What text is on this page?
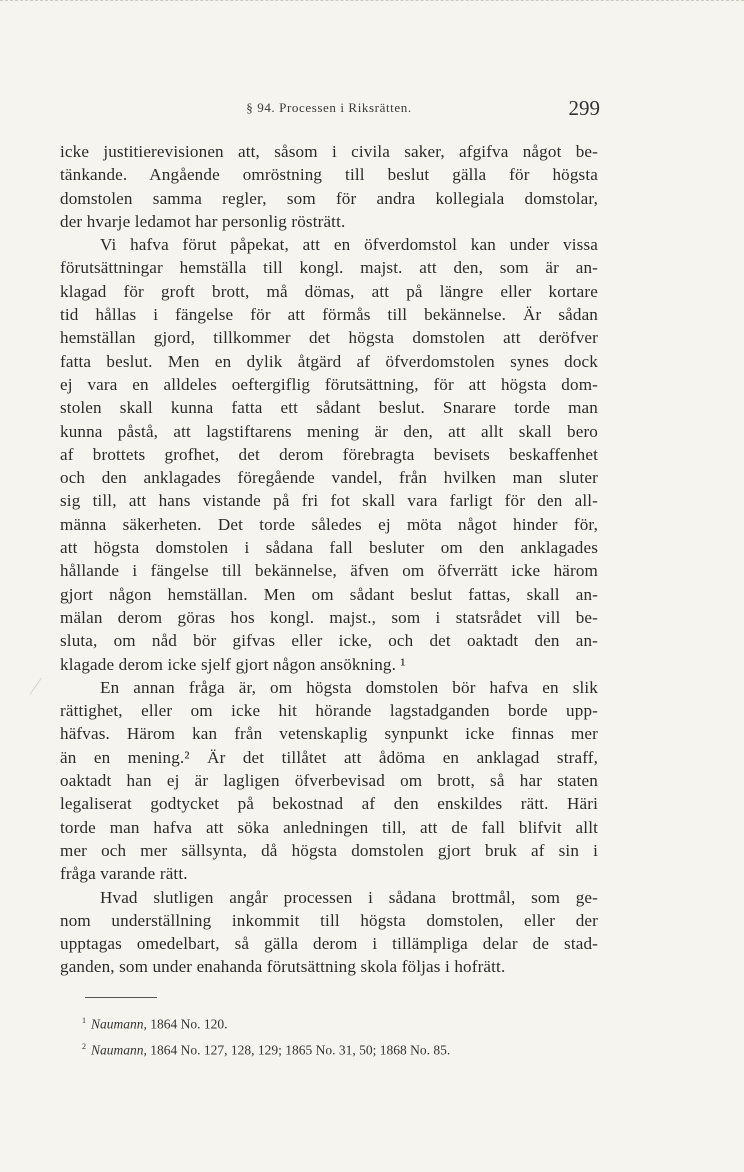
§ 94. Processen i Riksrätten.	299
icke justitierevisionen att, såsom i civila saker, afgifva något be-
tänkande. Angående omröstning till beslut gälla för högsta
domstolen samma regler, som för andra kollegiala domstolar,
der hvarje ledamot har personlig rösträtt.
Vi hafva förut påpekat, att en öfverdomstol kan under vissa
förutsättningar hemställa till kongl. majst. att den, som är an-
klagad för groft brott, må dömas, att på längre eller kortare
tid hållas i fängelse för att förmås till bekännelse. Är sådan
hemställan gjord, tillkommer det högsta domstolen att deröfver
fatta beslut. Men en dylik åtgärd af öfverdomstolen synes dock
ej vara en alldeles oeftergiflig förutsättning, för att högsta dom-
stolen skall kunna fatta ett sådant beslut. Snarare torde man
kunna påstå, att lagstiftarens mening är den, att allt skall bero
af brottets grofhet, det derom förebragta bevisets beskaffenhet
och den anklagades föregående vandel, från hvilken man sluter
sig till, att hans vistande på fri fot skall vara farligt för den all-
männa säkerheten. Det torde således ej möta något hinder för,
att högsta domstolen i sådana fall besluter om den anklagades
hållande i fängelse till bekännelse, äfven om öfverrätt icke härom
gjort någon hemställan. Men om sådant beslut fattas, skall an-
mälan derom göras hos kongl. majst., som i statsrådet vill be-
sluta, om nåd bör gifvas eller icke, och det oaktadt den an-
klagade derom icke sjelf gjort någon ansökning. ¹
En annan fråga är, om högsta domstolen bör hafva en slik
rättighet, eller om icke hit hörande lagstadganden borde upp-
häfvas. Härom kan från vetenskaplig synpunkt icke finnas mer
än en mening.² Är det tillåtet att ådöma en anklagad straff,
oaktadt han ej är lagligen öfverbevisad om brott, så har staten
legaliserat godtycket på bekostnad af den enskildes rätt. Häri
torde man hafva att söka anledningen till, att de fall blifvit allt
mer och mer sällsynta, då högsta domstolen gjort bruk af sin i
fråga varande rätt.
Hvad slutligen angår processen i sådana brottmål, som ge-
nom underställning inkommit till högsta domstolen, eller der
upptagas omedelbart, så gälla derom i tillämpliga delar de stad-
ganden, som under enahanda förutsättning skola följas i hofrätt.
$^1$ Naumann, 1864 No. 120.
$^2$ Naumann, 1864 No. 127, 128, 129; 1865 No. 31, 50; 1868 No. 85.
